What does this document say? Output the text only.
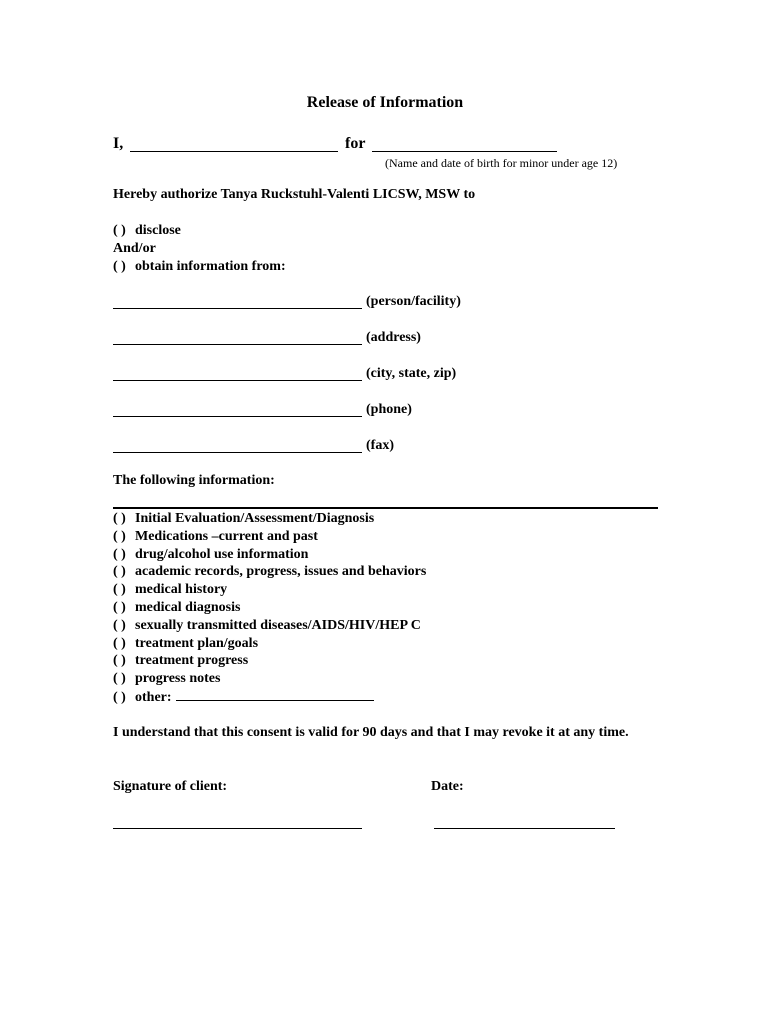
Release of Information
I,	for
(Name and date of birth for minor under age 12)
Hereby authorize Tanya Ruckstuhl-Valenti LICSW, MSW to
( ) disclose
And/or
( ) obtain information from:
(person/facility)
(address)
(city, state, zip)
(phone)
(fax)
The following information:
( ) Initial Evaluation/Assessment/Diagnosis
( ) Medications –current and past
( ) drug/alcohol use information
( ) academic records, progress, issues and behaviors
( ) medical history
( ) medical diagnosis
( ) sexually transmitted diseases/AIDS/HIV/HEP C
( ) treatment plan/goals
( ) treatment progress
( ) progress notes
( ) other:
I understand that this consent is valid for 90 days and that I may revoke it at any time.
Signature of client:	Date:
